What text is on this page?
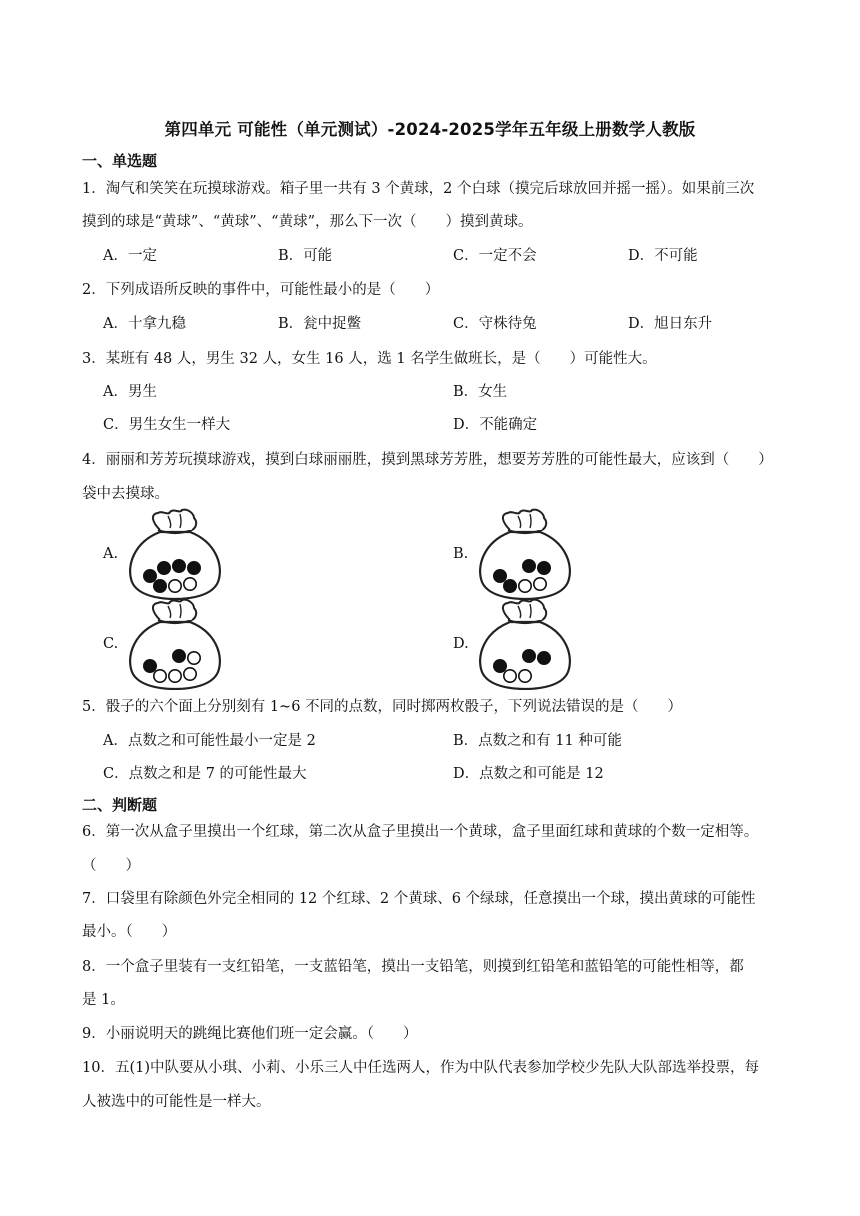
第四单元 可能性（单元测试）-2024-2025学年五年级上册数学人教版
一、单选题
1．淘气和笑笑在玩摸球游戏。箱子里一共有 3 个黄球，2 个白球（摸完后球放回并摇一摇）。如果前三次
摸到的球是“黄球”、“黄球”、“黄球”，那么下一次（　　）摸到黄球。
A．一定	B．可能	C．一定不会	D．不可能
2．下列成语所反映的事件中，可能性最小的是（　　）
A．十拿九稳	B．瓮中捉鳖	C．守株待兔	D．旭日东升
3．某班有 48 人，男生 32 人，女生 16 人，选 1 名学生做班长，是（　　）可能性大。
A．男生	B．女生
C．男生女生一样大	D．不能确定
4．丽丽和芳芳玩摸球游戏，摸到白球丽丽胜，摸到黑球芳芳胜，想要芳芳胜的可能性最大，应该到（　　）
袋中去摸球。
A.	B.
C.	D.
5．骰子的六个面上分别刻有 1~6 不同的点数，同时掷两枚骰子，下列说法错误的是（　　）
A．点数之和可能性最小一定是 2	B．点数之和有 11 种可能
C．点数之和是 7 的可能性最大	D．点数之和可能是 12
二、判断题
6．第一次从盒子里摸出一个红球，第二次从盒子里摸出一个黄球，盒子里面红球和黄球的个数一定相等。
（　　）
7．口袋里有除颜色外完全相同的 12 个红球、2 个黄球、6 个绿球，任意摸出一个球，摸出黄球的可能性
最小。（　　）
8．一个盒子里装有一支红铅笔，一支蓝铅笔，摸出一支铅笔，则摸到红铅笔和蓝铅笔的可能性相等，都
是 1。
9．小丽说明天的跳绳比赛他们班一定会赢。（　　）
10．五(1)中队要从小琪、小莉、小乐三人中任选两人，作为中队代表参加学校少先队大队部选举投票，每
人被选中的可能性是一样大。
